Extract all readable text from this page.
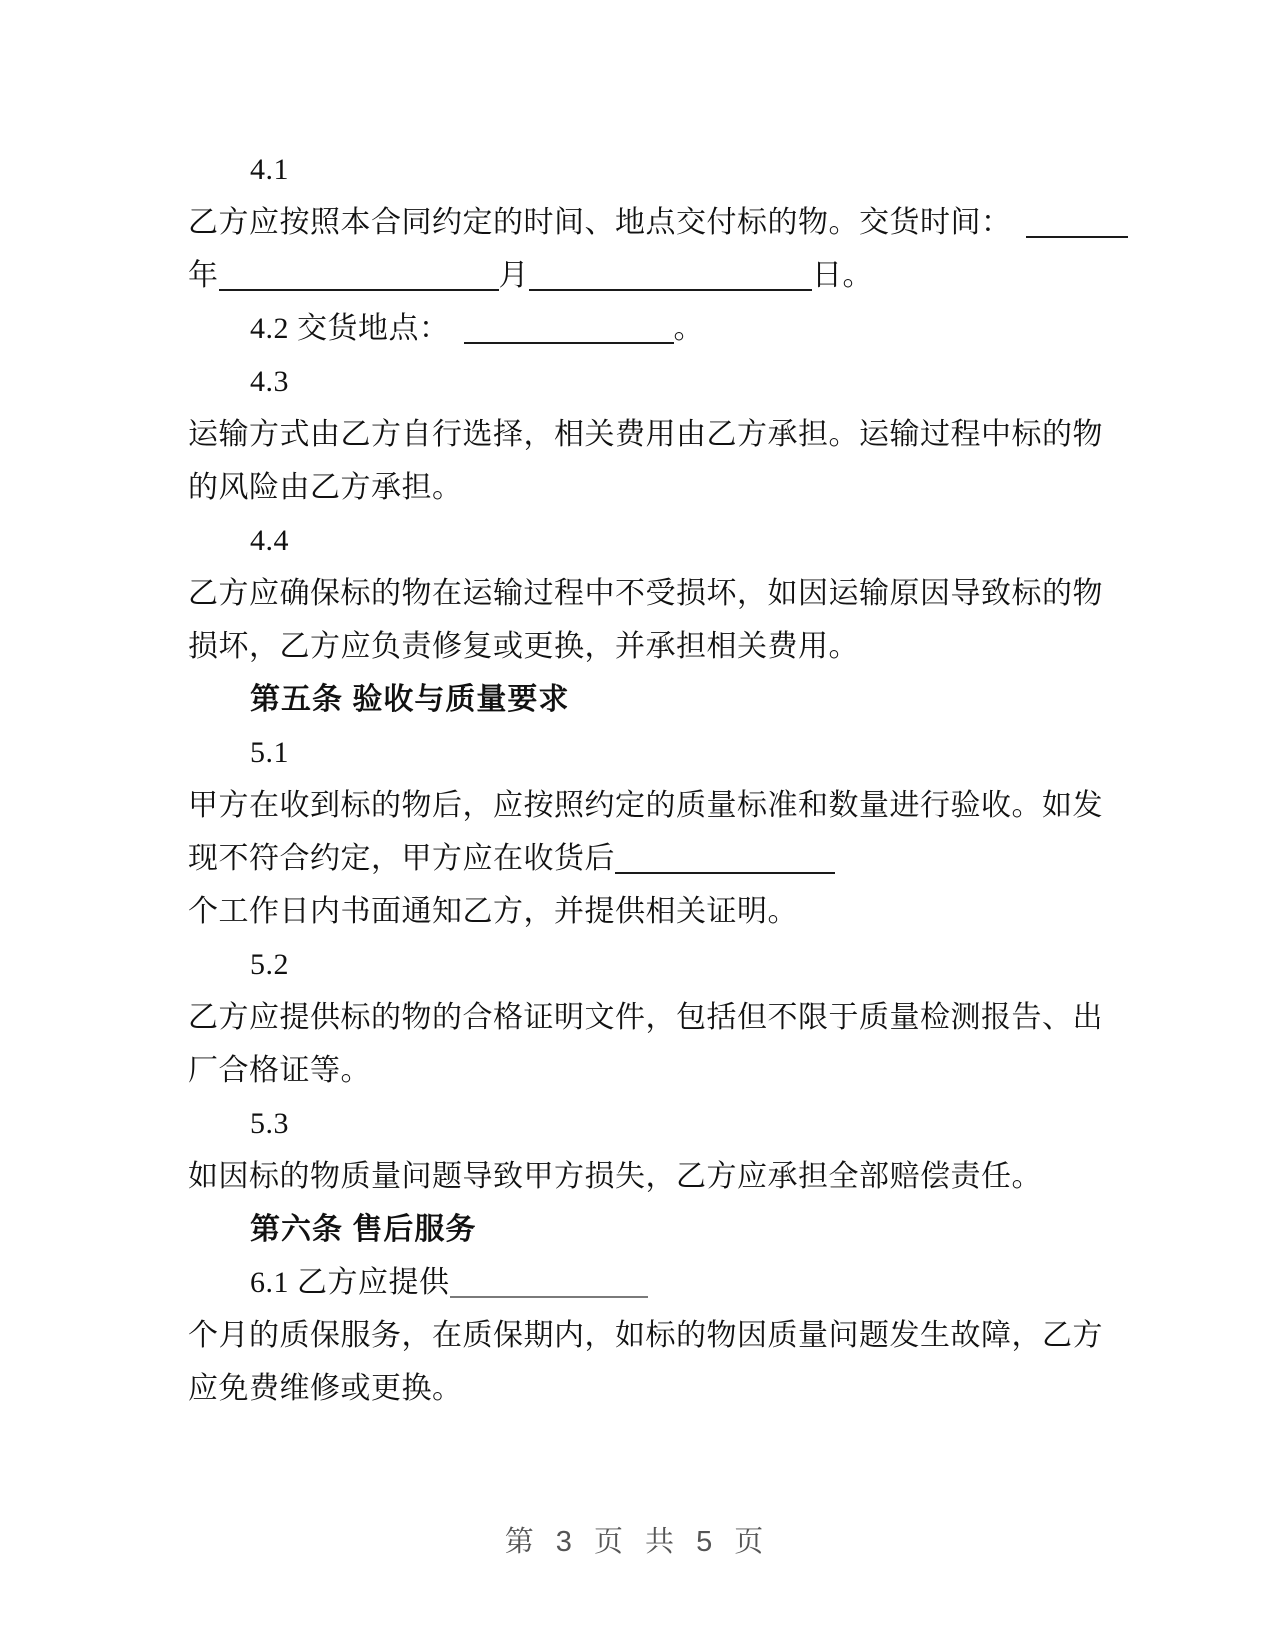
4.1

乙方应按照本合同约定的时间、地点交付标的物。交货时间：

年	月	日。

4.2 交货地点：	。

4.3

运输方式由乙方自行选择，相关费用由乙方承担。运输过程中标的物

的风险由乙方承担。

4.4

乙方应确保标的物在运输过程中不受损坏，如因运输原因导致标的物

损坏，乙方应负责修复或更换，并承担相关费用。

第五条 验收与质量要求

5.1

甲方在收到标的物后，应按照约定的质量标准和数量进行验收。如发

现不符合约定，甲方应在收货后

个工作日内书面通知乙方，并提供相关证明。

5.2

乙方应提供标的物的合格证明文件，包括但不限于质量检测报告、出

厂合格证等。

5.3

如因标的物质量问题导致甲方损失，乙方应承担全部赔偿责任。

第六条 售后服务

6.1 乙方应提供

个月的质保服务，在质保期内，如标的物因质量问题发生故障，乙方

应免费维修或更换。

第 3 页 共 5 页
